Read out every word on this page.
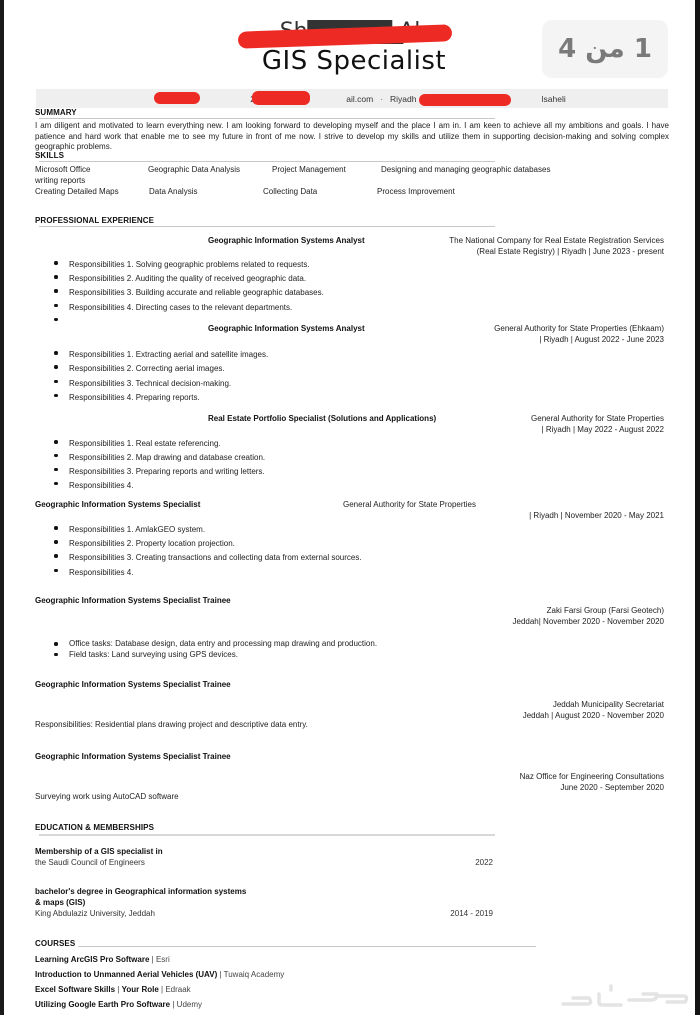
GIS Specialist	1 من 4
ail.com · Riyadh	lsaheli
SUMMARY
I am diligent and motivated to learn everything new. I am looking forward to developing myself and the place I am in. I am keen to achieve all my ambitions and goals. I have patience and hard work that enable me to see my future in front of me now. I strive to develop my skills and utilize them in supporting decision-making and solving complex geographic problems.
SKILLS
Microsoft Office	Geographic Data Analysis	Project Management	Designing and managing geographic databases
writing reports
Creating Detailed Maps	Data Analysis	Collecting Data	Process Improvement
PROFESSIONAL EXPERIENCE
Geographic Information Systems Analyst	The National Company for Real Estate Registration Services
(Real Estate Registry) | Riyadh | June 2023 - present
Responsibilities 1. Solving geographic problems related to requests.
Responsibilities 2. Auditing the quality of received geographic data.
Responsibilities 3. Building accurate and reliable geographic databases.
Responsibilities 4. Directing cases to the relevant departments.

Geographic Information Systems Analyst	General Authority for State Properties (Ehkaam)
| Riyadh | August 2022 - June 2023
Responsibilities 1. Extracting aerial and satellite images.
Responsibilities 2. Correcting aerial images.
Responsibilities 3. Technical decision-making.
Responsibilities 4. Preparing reports.
Real Estate Portfolio Specialist (Solutions and Applications)	General Authority for State Properties
| Riyadh | May 2022 - August 2022
Responsibilities 1. Real estate referencing.
Responsibilities 2. Map drawing and database creation.
Responsibilities 3. Preparing reports and writing letters.
Responsibilities 4.
Geographic Information Systems Specialist	General Authority for State Properties
| Riyadh | November 2020 - May 2021
Responsibilities 1. AmlakGEO system.
Responsibilities 2. Property location projection.
Responsibilities 3. Creating transactions and collecting data from external sources.
Responsibilities 4.
Geographic Information Systems Specialist Trainee
Zaki Farsi Group (Farsi Geotech)
Jeddah| November 2020 - November 2020
Office tasks: Database design, data entry and processing map drawing and production.
Field tasks: Land surveying using GPS devices.
Geographic Information Systems Specialist Trainee
Jeddah Municipality Secretariat
Jeddah | August 2020 - November 2020
Responsibilities: Residential plans drawing project and descriptive data entry.
Geographic Information Systems Specialist Trainee
Naz Office for Engineering Consultations
June 2020 - September 2020
Surveying work using AutoCAD software
EDUCATION & MEMBERSHIPS
Membership of a GIS specialist in
the Saudi Council of Engineers	2022
bachelor's degree in Geographical information systems
& maps (GIS)
King Abdulaziz University, Jeddah	2014 - 2019
COURSES
Learning ArcGIS Pro Software | Esri
Introduction to Unmanned Aerial Vehicles (UAV) | Tuwaiq Academy
Excel Software Skills | Your Role | Edraak
Utilizing Google Earth Pro Software | Udemy
